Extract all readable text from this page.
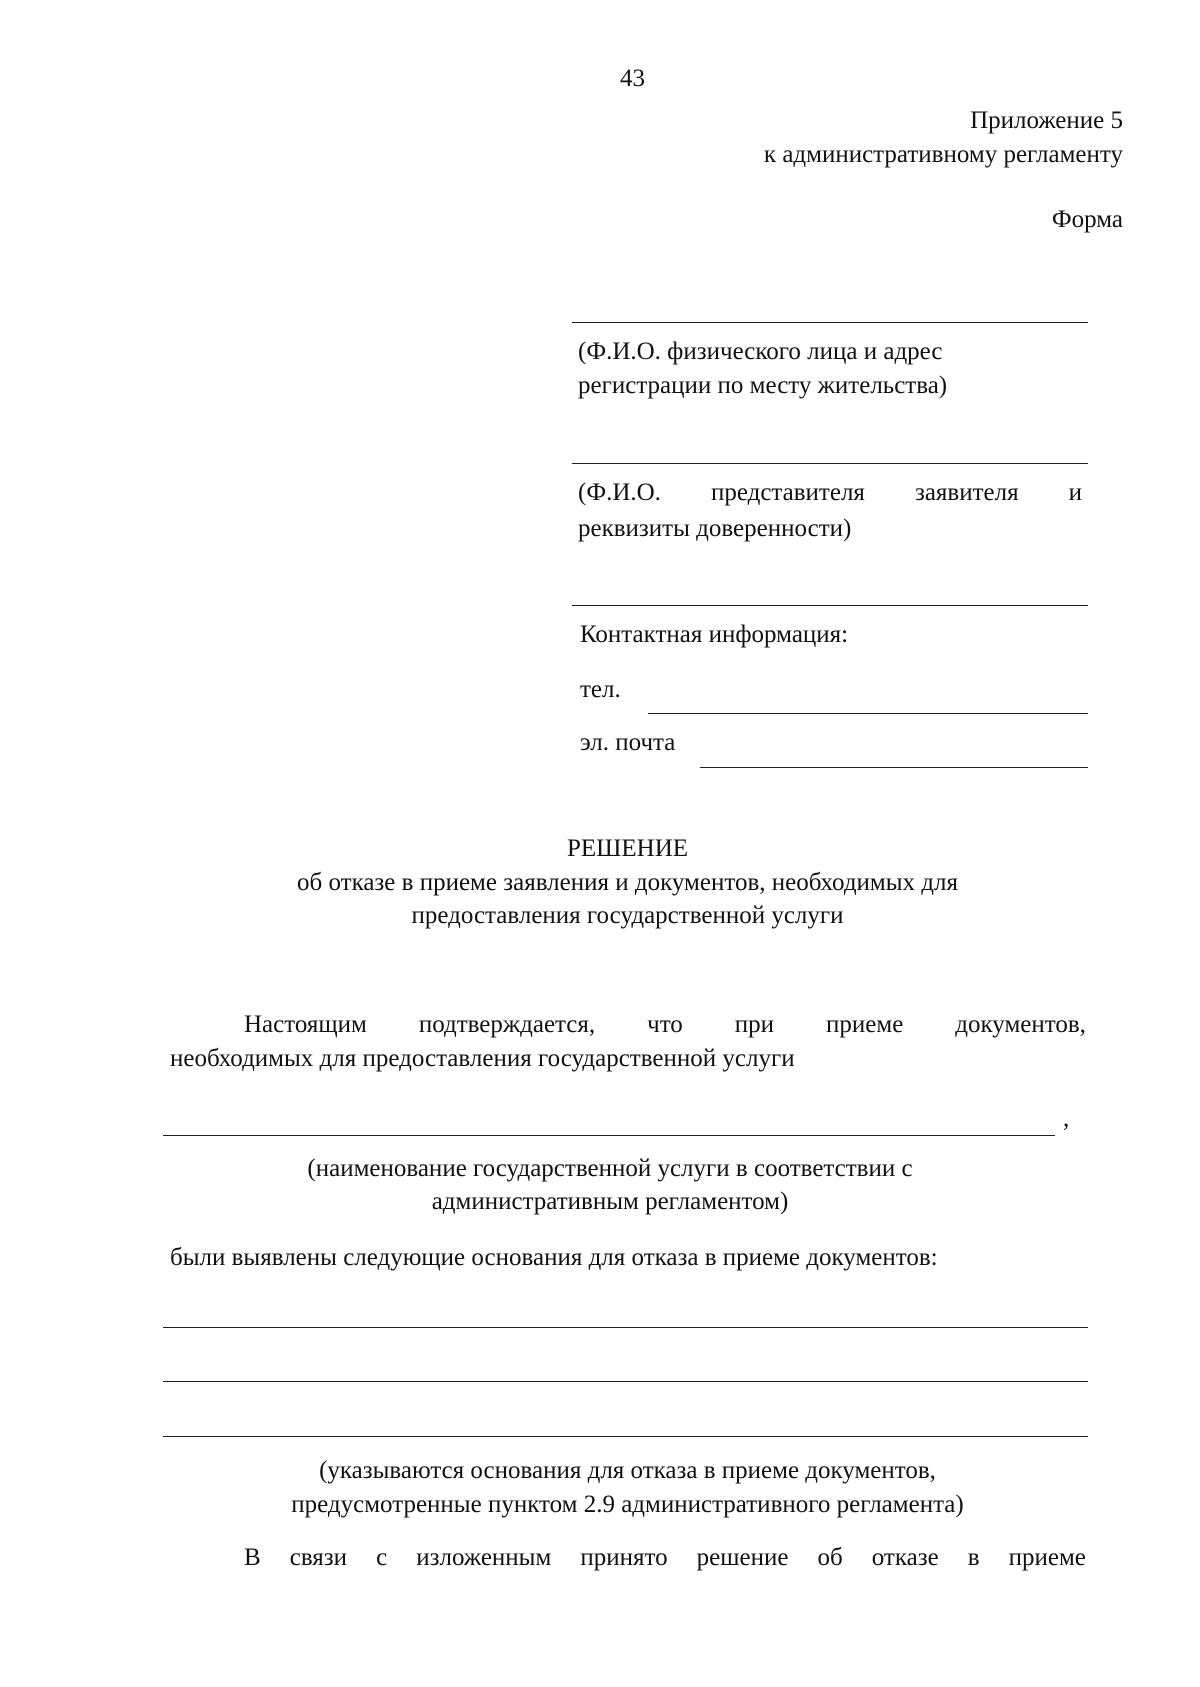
43
Приложение 5
к административному регламенту
Форма
(Ф.И.О. физического лица и адрес
регистрации по месту жительства)
(Ф.И.О. представителя заявителя и
реквизиты доверенности)
Контактная информация:
тел.
эл. почта
РЕШЕНИЕ
об отказе в приеме заявления и документов, необходимых для
предоставления государственной услуги
Настоящим подтверждается, что при приеме документов,
необходимых для предоставления государственной услуги
,
(наименование государственной услуги в соответствии с
административным регламентом)
были выявлены следующие основания для отказа в приеме документов:
(указываются основания для отказа в приеме документов,
предусмотренные пунктом 2.9 административного регламента)
В связи с изложенным принято решение об отказе в приеме
